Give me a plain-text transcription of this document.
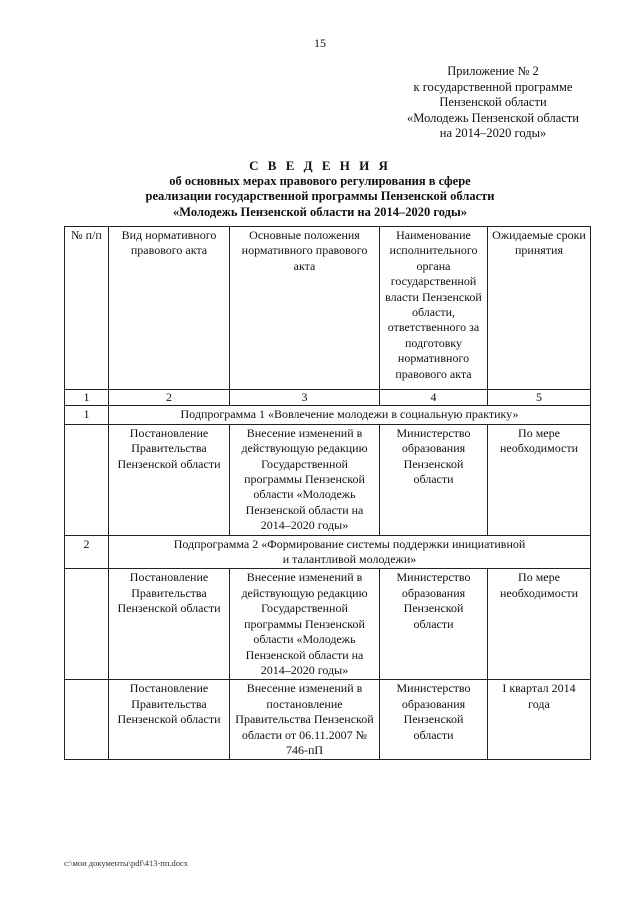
15
Приложение № 2
к государственной программе
Пензенской области
«Молодежь Пензенской области
на 2014–2020 годы»
С В Е Д Е Н И Я
об основных мерах правового регулирования в сфере
реализации государственной программы Пензенской области
«Молодежь Пензенской области на 2014–2020 годы»
№ п/п	Вид нормативного правового акта	Основные положения нормативного правового акта	Наименование исполнительного органа государственной власти Пензенской области, ответственного за подготовку нормативного правового акта	Ожидаемые сроки принятия
1	2	3	4	5
1	Подпрограмма 1 «Вовлечение молодежи в социальную практику»			
	Постановление Правительства Пензенской области	Внесение изменений в действующую редакцию Государственной программы Пензенской области «Молодежь Пензенской области на 2014–2020 годы»	Министерство образования Пензенской области	По мере необходимости
2	Подпрограмма 2 «Формирование системы поддержки инициативной
и талантливой молодежи»			

	Постановление Правительства Пензенской области	Внесение изменений в действующую редакцию Государственной программы Пензенской области «Молодежь Пензенской области на 2014–2020 годы»	Министерство образования Пензенской области	По мере необходимости
	Постановление Правительства Пензенской области	Внесение изменений в постановление Правительства Пензенской области от 06.11.2007 № 746-пП	Министерство образования Пензенской области	I квартал 2014 года
c:\мои документы\pdf\413-пп.docx
